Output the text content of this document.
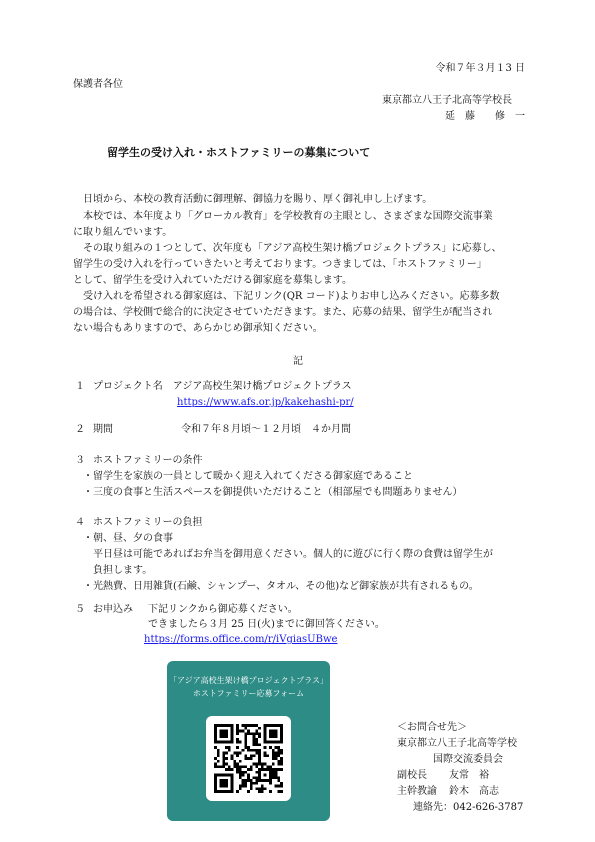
令和７年３月１3 日
保護者各位
東京都立八王子北高等学校長
延　藤　　修　一
留学生の受け入れ・ホストファミリーの募集について
日頃から、本校の教育活動に御理解、御協力を賜り、厚く御礼申し上げます。
本校では、本年度より「グローカル教育」を学校教育の主眼とし、さまざまな国際交流事業
に取り組んでいます。
その取り組みの１つとして、次年度も「アジア高校生架け橋プロジェクトプラス」に応募し、
留学生の受け入れを行っていきたいと考えております。つきましては、「ホストファミリー」
として、留学生を受け入れていただける御家庭を募集します。
受け入れを希望される御家庭は、下記リンク(QR コード)よりお申し込みください。応募多数
の場合は、学校側で総合的に決定させていただきます。また、応募の結果、留学生が配当され
ない場合もありますので、あらかじめ御承知ください。
記
１ プロジェクト名　アジア高校生架け橋プロジェクトプラス
https://www.afs.or.jp/kakehashi-pr/
２ 期間	令和７年８月頃～１２月頃　４か月間
３ ホストファミリーの条件
・留学生を家族の一員として暖かく迎え入れてくださる御家庭であること
・三度の食事と生活スペースを御提供いただけること（相部屋でも問題ありません）
４ ホストファミリーの負担
・朝、昼、夕の食事
平日昼は可能であればお弁当を御用意ください。個人的に遊びに行く際の食費は留学生が
負担します。
・光熱費、日用雑貨(石鹸、シャンプー、タオル、その他)など御家族が共有されるもの。
５ お申込み 下記リンクから御応募ください。
できましたら３月 25 日(火)までに御回答ください。
https://forms.office.com/r/iVgiasUBwe
「アジア高校生架け橋プロジェクトプラス」
ホストファミリー応募フォーム
＜お問合せ先＞
東京都立八王子北高等学校
国際交流委員会
副校長 友常　裕
主幹教諭 鈴木　高志
連絡先：042-626-3787
